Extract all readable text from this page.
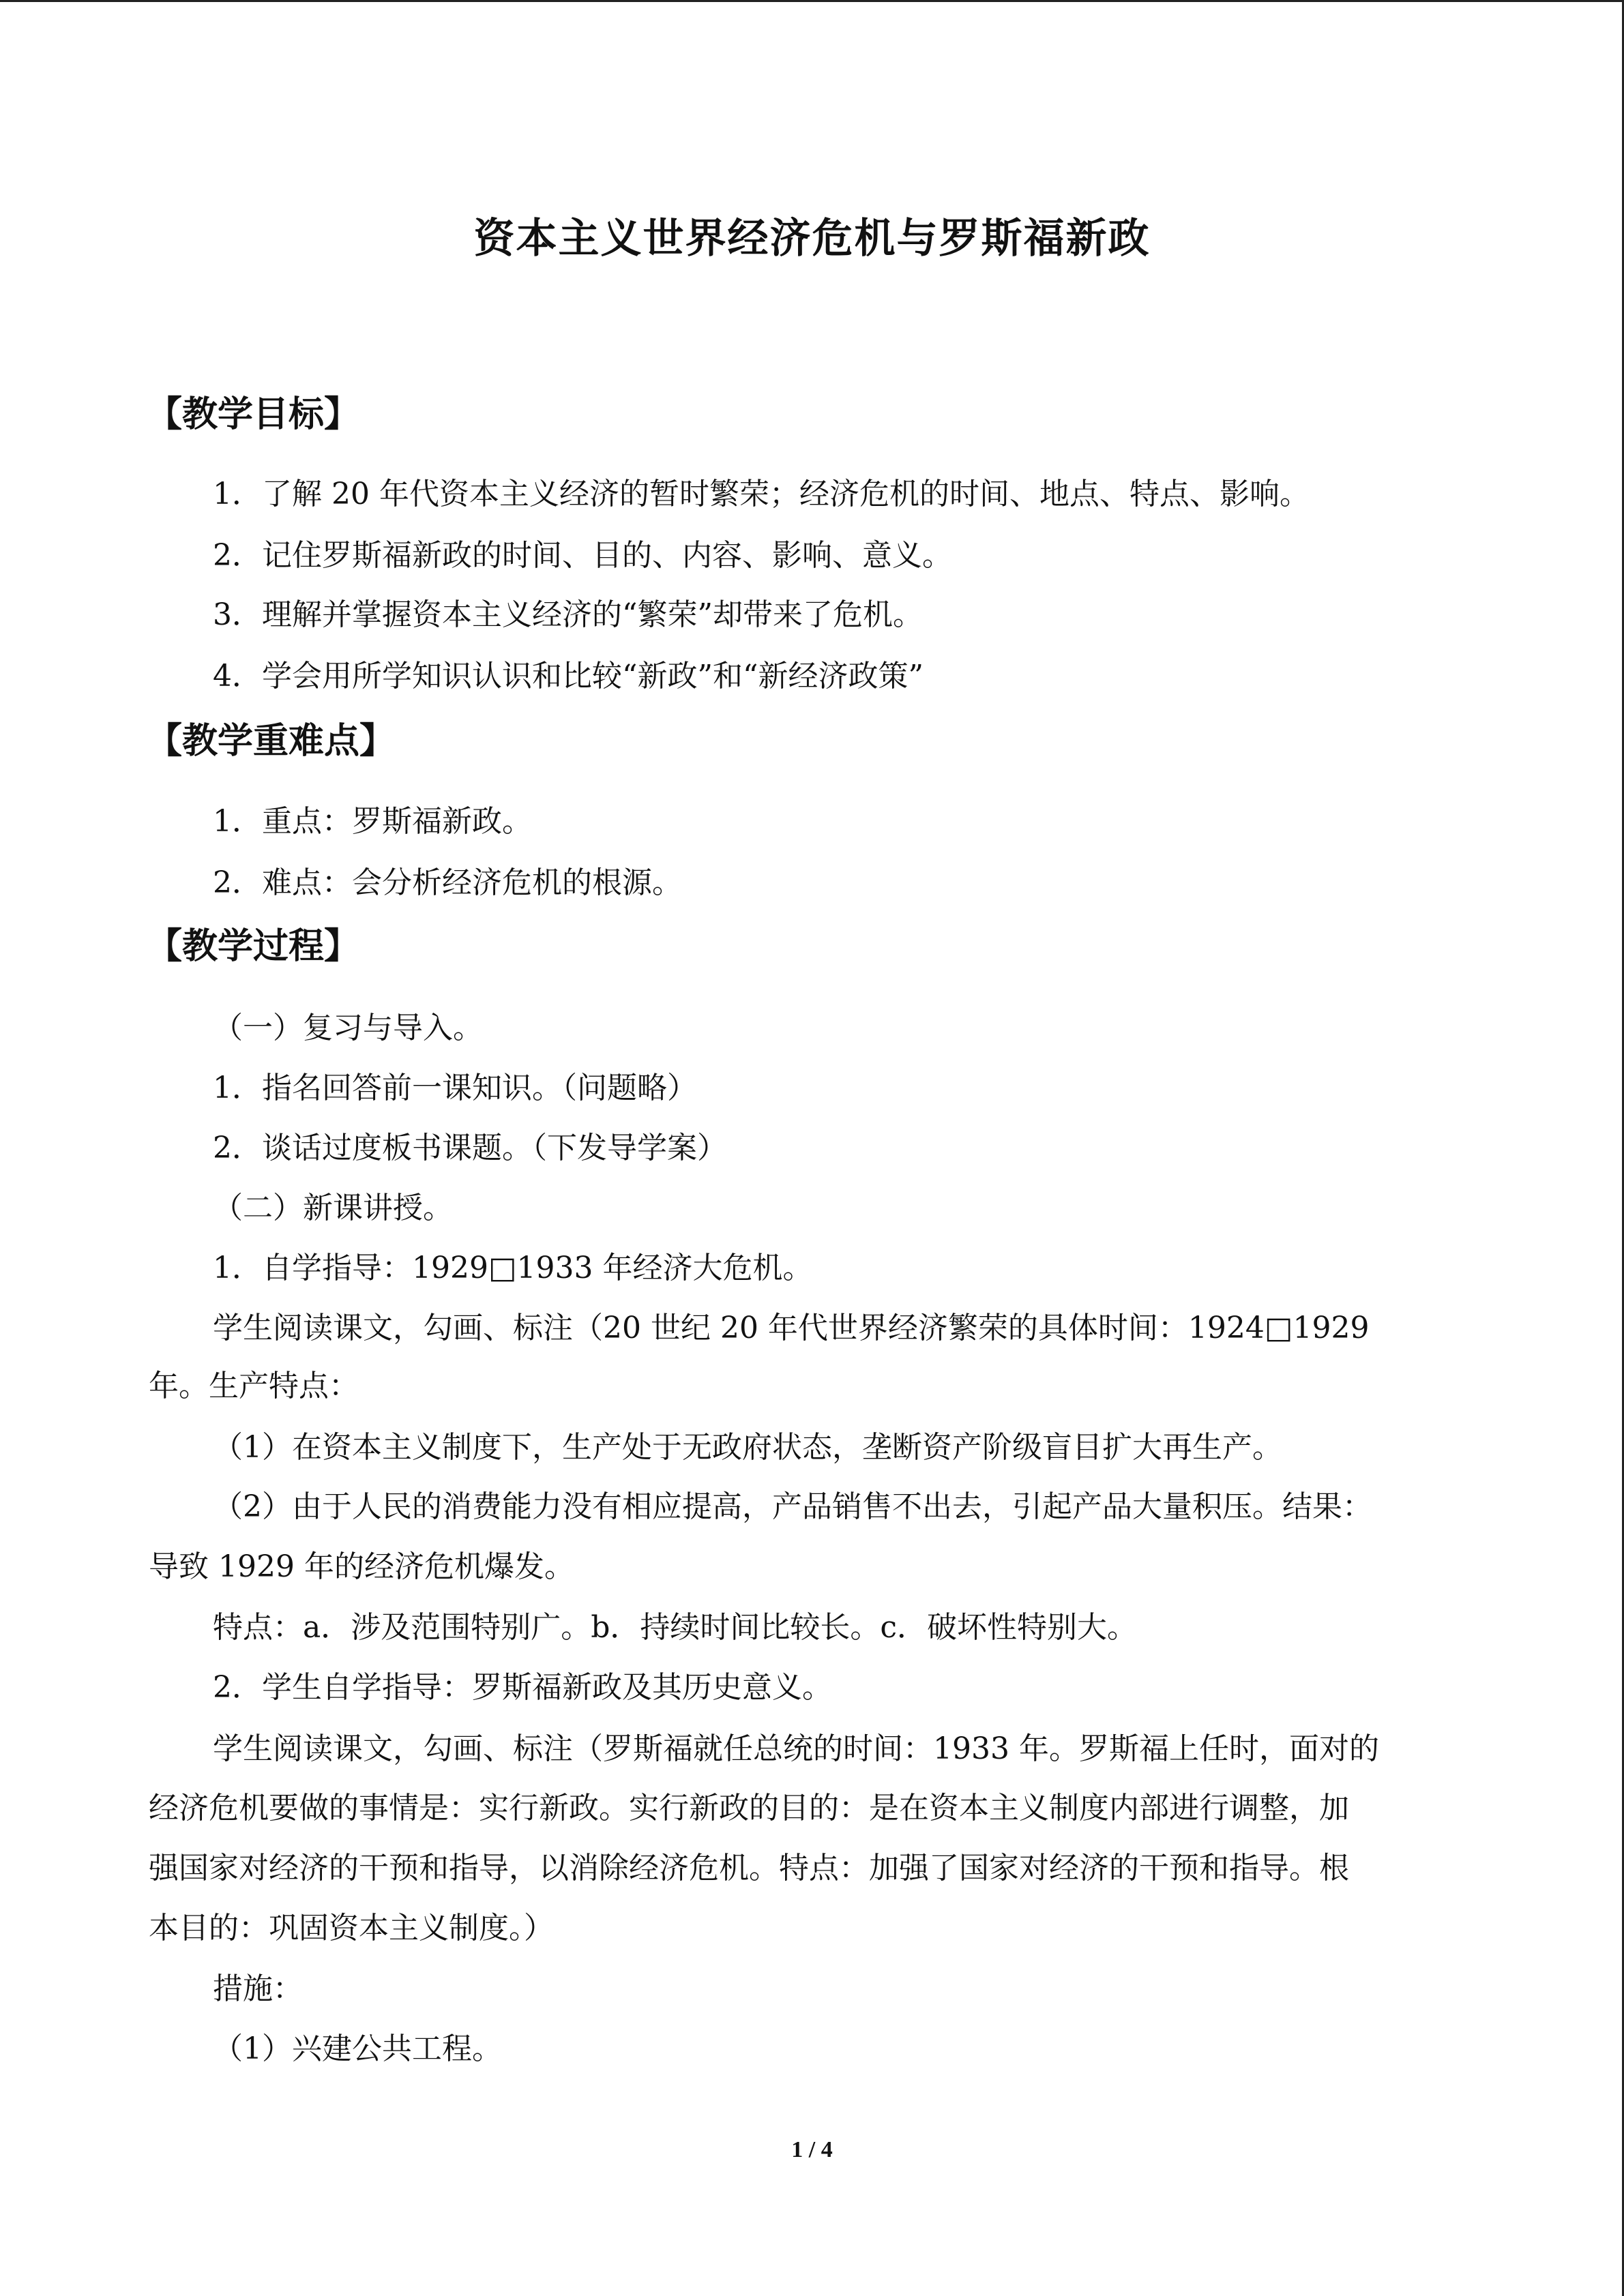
资本主义世界经济危机与罗斯福新政
【教学目标】
1．了解 20 年代资本主义经济的暂时繁荣；经济危机的时间、地点、特点、影响。
2．记住罗斯福新政的时间、目的、内容、影响、意义。
3．理解并掌握资本主义经济的“繁荣”却带来了危机。
4．学会用所学知识认识和比较“新政”和“新经济政策”
【教学重难点】
1．重点：罗斯福新政。
2．难点：会分析经济危机的根源。
【教学过程】
（一）复习与导入。
1．指名回答前一课知识。（问题略）
2．谈话过度板书课题。（下发导学案）
（二）新课讲授。
1．自学指导：1929□1933 年经济大危机。
学生阅读课文，勾画、标注（20 世纪 20 年代世界经济繁荣的具体时间：1924□1929
年。生产特点：
（1）在资本主义制度下，生产处于无政府状态，垄断资产阶级盲目扩大再生产。
（2）由于人民的消费能力没有相应提高，产品销售不出去，引起产品大量积压。结果：
导致 1929 年的经济危机爆发。
特点：a．涉及范围特别广。b．持续时间比较长。c．破坏性特别大。
2．学生自学指导：罗斯福新政及其历史意义。
学生阅读课文，勾画、标注（罗斯福就任总统的时间：1933 年。罗斯福上任时，面对的
经济危机要做的事情是：实行新政。实行新政的目的：是在资本主义制度内部进行调整，加
强国家对经济的干预和指导，以消除经济危机。特点：加强了国家对经济的干预和指导。根
本目的：巩固资本主义制度。）
措施：
（1）兴建公共工程。
1 / 4
